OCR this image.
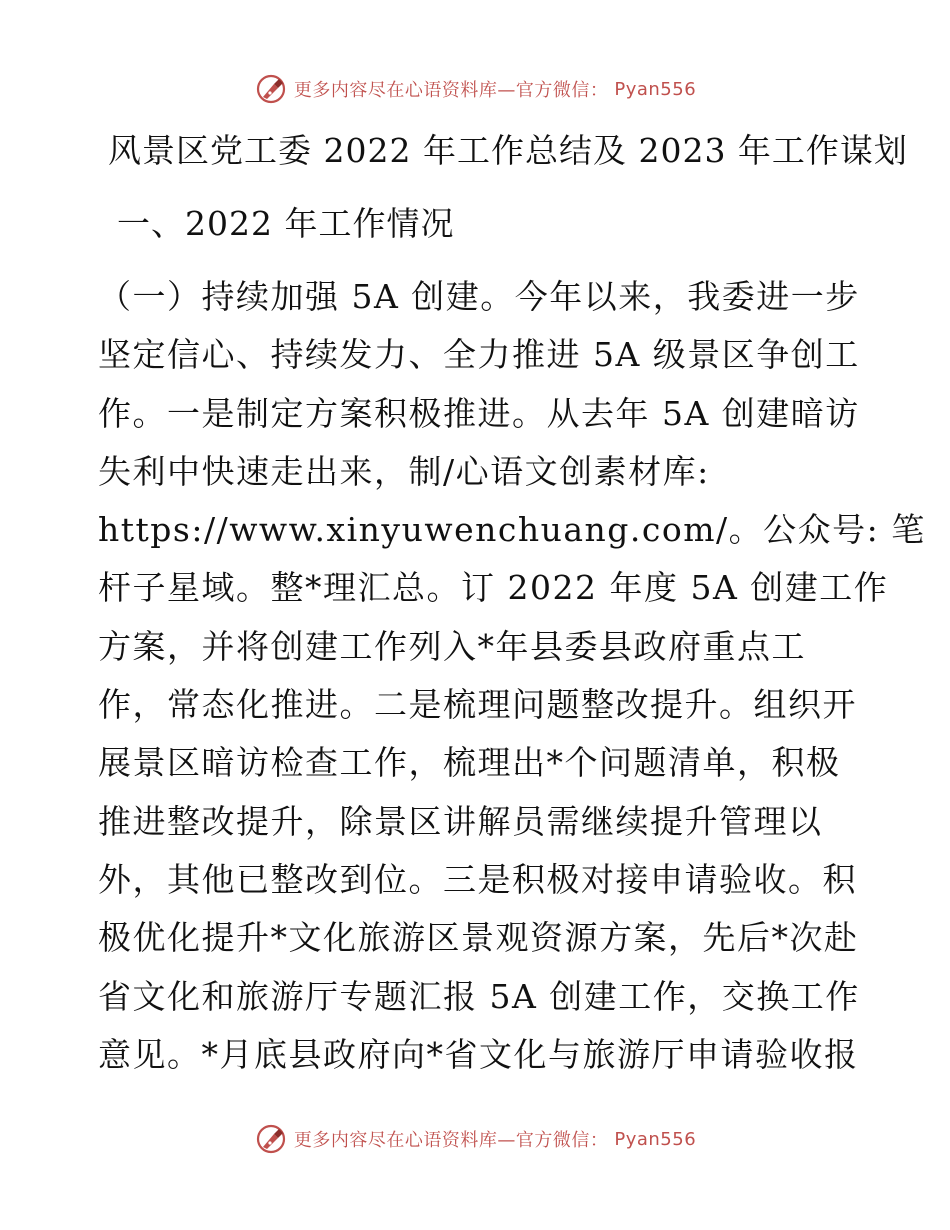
更多内容尽在心语资料库—官方微信： Pyan556
风景区党工委 2022 年工作总结及 2023 年工作谋划
一、2022 年工作情况
（一）持续加强 5A 创建。今年以来，我委进一步
坚定信心、持续发力、全力推进 5A 级景区争创工
作。一是制定方案积极推进。从去年 5A 创建暗访
失利中快速走出来，制/心语文创素材库:
https://www.xinyuwenchuang.com/。公众号: 笔
杆子星域。整*理汇总。订 2022 年度 5A 创建工作
方案，并将创建工作列入*年县委县政府重点工
作，常态化推进。二是梳理问题整改提升。组织开
展景区暗访检查工作，梳理出*个问题清单，积极
推进整改提升，除景区讲解员需继续提升管理以
外，其他已整改到位。三是积极对接申请验收。积
极优化提升*文化旅游区景观资源方案，先后*次赴
省文化和旅游厅专题汇报 5A 创建工作，交换工作
意见。*月底县政府向*省文化与旅游厅申请验收报
更多内容尽在心语资料库—官方微信： Pyan556
